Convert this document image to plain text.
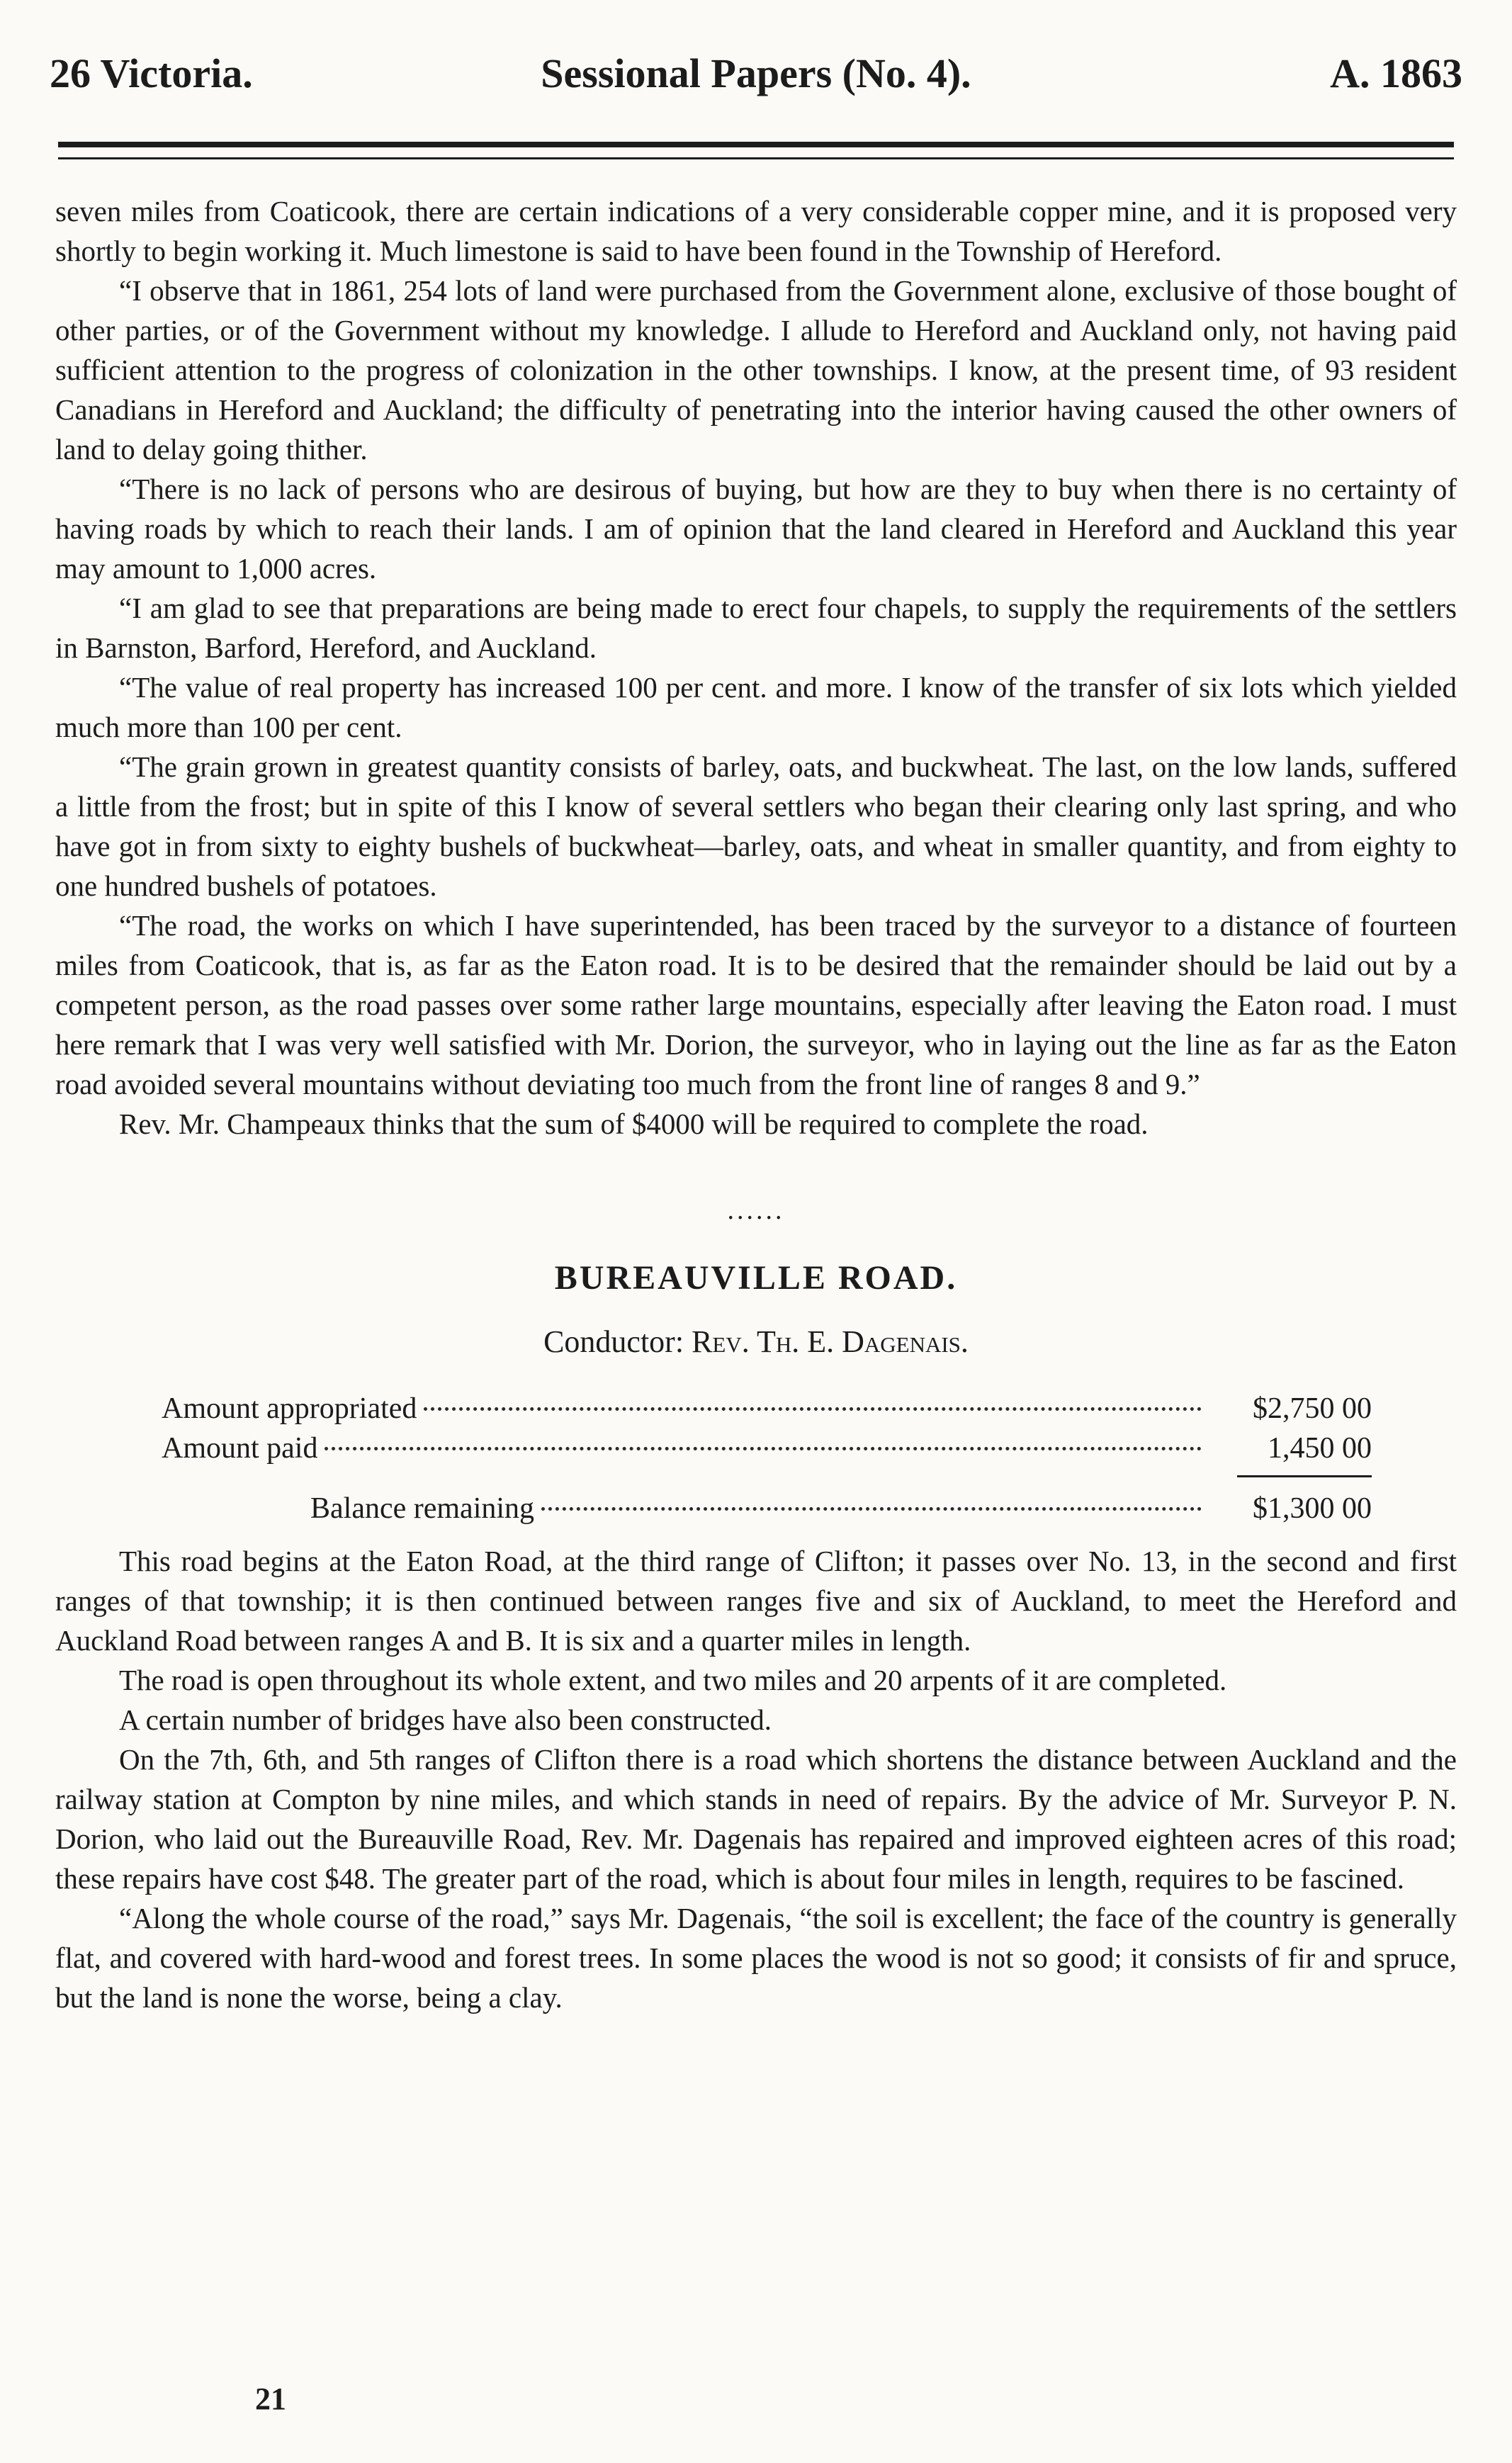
26 Victoria.	Sessional Papers (No. 4).	A. 1863

seven miles from Coaticook, there are certain indications of a very considerable copper mine, and it is proposed very shortly to begin working it. Much limestone is said to have been found in the Township of Hereford.

“I observe that in 1861, 254 lots of land were purchased from the Government alone, exclusive of those bought of other parties, or of the Government without my knowledge. I allude to Hereford and Auckland only, not having paid sufficient attention to the progress of colonization in the other townships. I know, at the present time, of 93 resident Canadians in Hereford and Auckland; the difficulty of penetrating into the interior having caused the other owners of land to delay going thither.

“There is no lack of persons who are desirous of buying, but how are they to buy when there is no certainty of having roads by which to reach their lands. I am of opinion that the land cleared in Hereford and Auckland this year may amount to 1,000 acres.

“I am glad to see that preparations are being made to erect four chapels, to supply the requirements of the settlers in Barnston, Barford, Hereford, and Auckland.

“The value of real property has increased 100 per cent. and more. I know of the transfer of six lots which yielded much more than 100 per cent.

“The grain grown in greatest quantity consists of barley, oats, and buckwheat. The last, on the low lands, suffered a little from the frost; but in spite of this I know of several settlers who began their clearing only last spring, and who have got in from sixty to eighty bushels of buckwheat—barley, oats, and wheat in smaller quantity, and from eighty to one hundred bushels of potatoes.

“The road, the works on which I have superintended, has been traced by the surveyor to a distance of fourteen miles from Coaticook, that is, as far as the Eaton road. It is to be desired that the remainder should be laid out by a competent person, as the road passes over some rather large mountains, especially after leaving the Eaton road. I must here remark that I was very well satisfied with Mr. Dorion, the surveyor, who in laying out the line as far as the Eaton road avoided several mountains without deviating too much from the front line of ranges 8 and 9.”

Rev. Mr. Champeaux thinks that the sum of $4000 will be required to complete the road.

......
BUREAUVILLE ROAD.
Conductor: Rev. Th. E. Dagenais.
Amount appropriated	$2,750 00
Amount paid	1,450 00
Balance remaining	$1,300 00

This road begins at the Eaton Road, at the third range of Clifton; it passes over No. 13, in the second and first ranges of that township; it is then continued between ranges five and six of Auckland, to meet the Hereford and Auckland Road between ranges A and B. It is six and a quarter miles in length.

The road is open throughout its whole extent, and two miles and 20 arpents of it are completed.

A certain number of bridges have also been constructed.

On the 7th, 6th, and 5th ranges of Clifton there is a road which shortens the distance between Auckland and the railway station at Compton by nine miles, and which stands in need of repairs. By the advice of Mr. Surveyor P. N. Dorion, who laid out the Bureauville Road, Rev. Mr. Dagenais has repaired and improved eighteen acres of this road; these repairs have cost $48. The greater part of the road, which is about four miles in length, requires to be fascined.

“Along the whole course of the road,” says Mr. Dagenais, “the soil is excellent; the face of the country is generally flat, and covered with hard-wood and forest trees. In some places the wood is not so good; it consists of fir and spruce, but the land is none the worse, being a clay.

21
